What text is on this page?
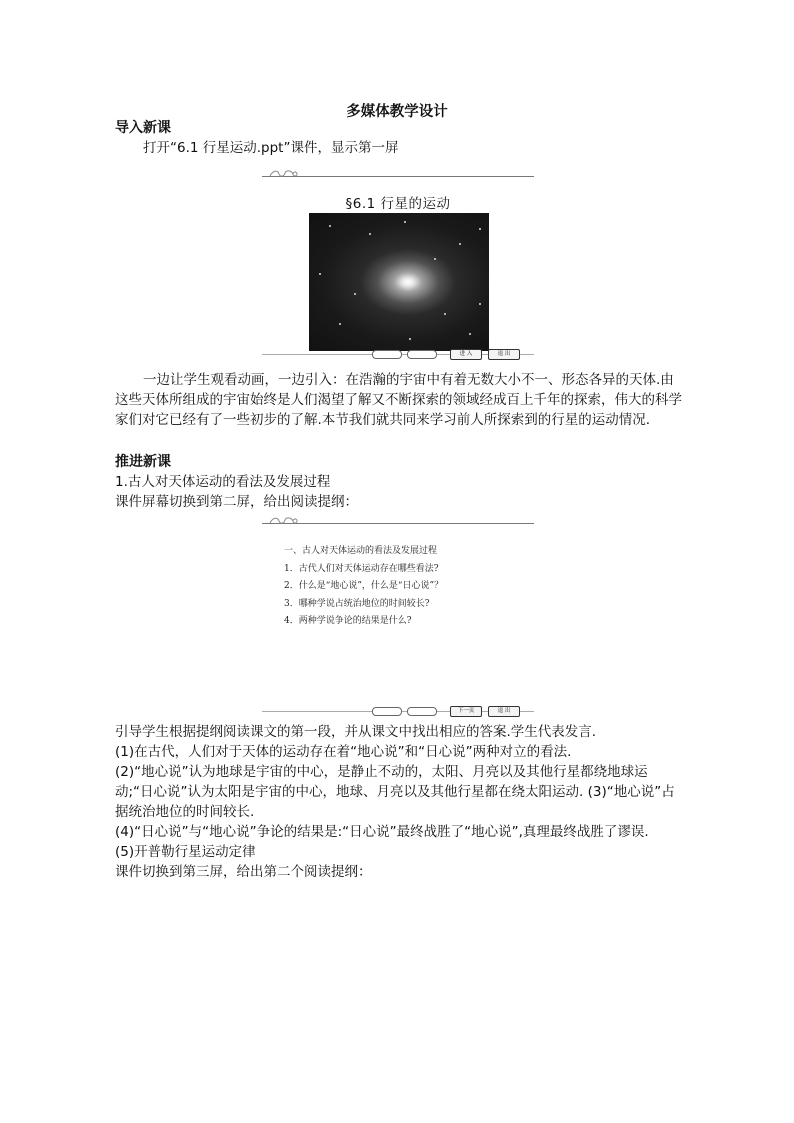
多媒体教学设计

导入新课

打开“6.1 行星运动.ppt”课件，显示第一屏

§6.1 行星的运动
进 入	退 出

一边让学生观看动画，一边引入：在浩瀚的宇宙中有着无数大小不一、形态各异的天体.由这些天体所组成的宇宙始终是人们渴望了解又不断探索的领域经成百上千年的探索，伟大的科学家们对它已经有了一些初步的了解.本节我们就共同来学习前人所探索到的行星的运动情况.

推进新课

1.古人对天体运动的看法及发展过程

课件屏幕切换到第二屏，给出阅读提纲：

一、古人对天体运动的看法及发展过程
1．古代人们对天体运动存在哪些看法?
2．什么是“地心说”，什么是“日心说”？
3．哪种学说占统治地位的时间较长?
4．两种学说争论的结果是什么?
下一页	退 出

引导学生根据提纲阅读课文的第一段，并从课文中找出相应的答案.学生代表发言.

(1)在古代，人们对于天体的运动存在着“地心说”和“日心说”两种对立的看法.

(2)“地心说”认为地球是宇宙的中心，是静止不动的，太阳、月亮以及其他行星都绕地球运动;“日心说”认为太阳是宇宙的中心，地球、月亮以及其他行星都在绕太阳运动. (3)“地心说”占据统治地位的时间较长.

(4)“日心说”与“地心说”争论的结果是:“日心说”最终战胜了“地心说”,真理最终战胜了谬误.

(5)开普勒行星运动定律

课件切换到第三屏，给出第二个阅读提纲：
